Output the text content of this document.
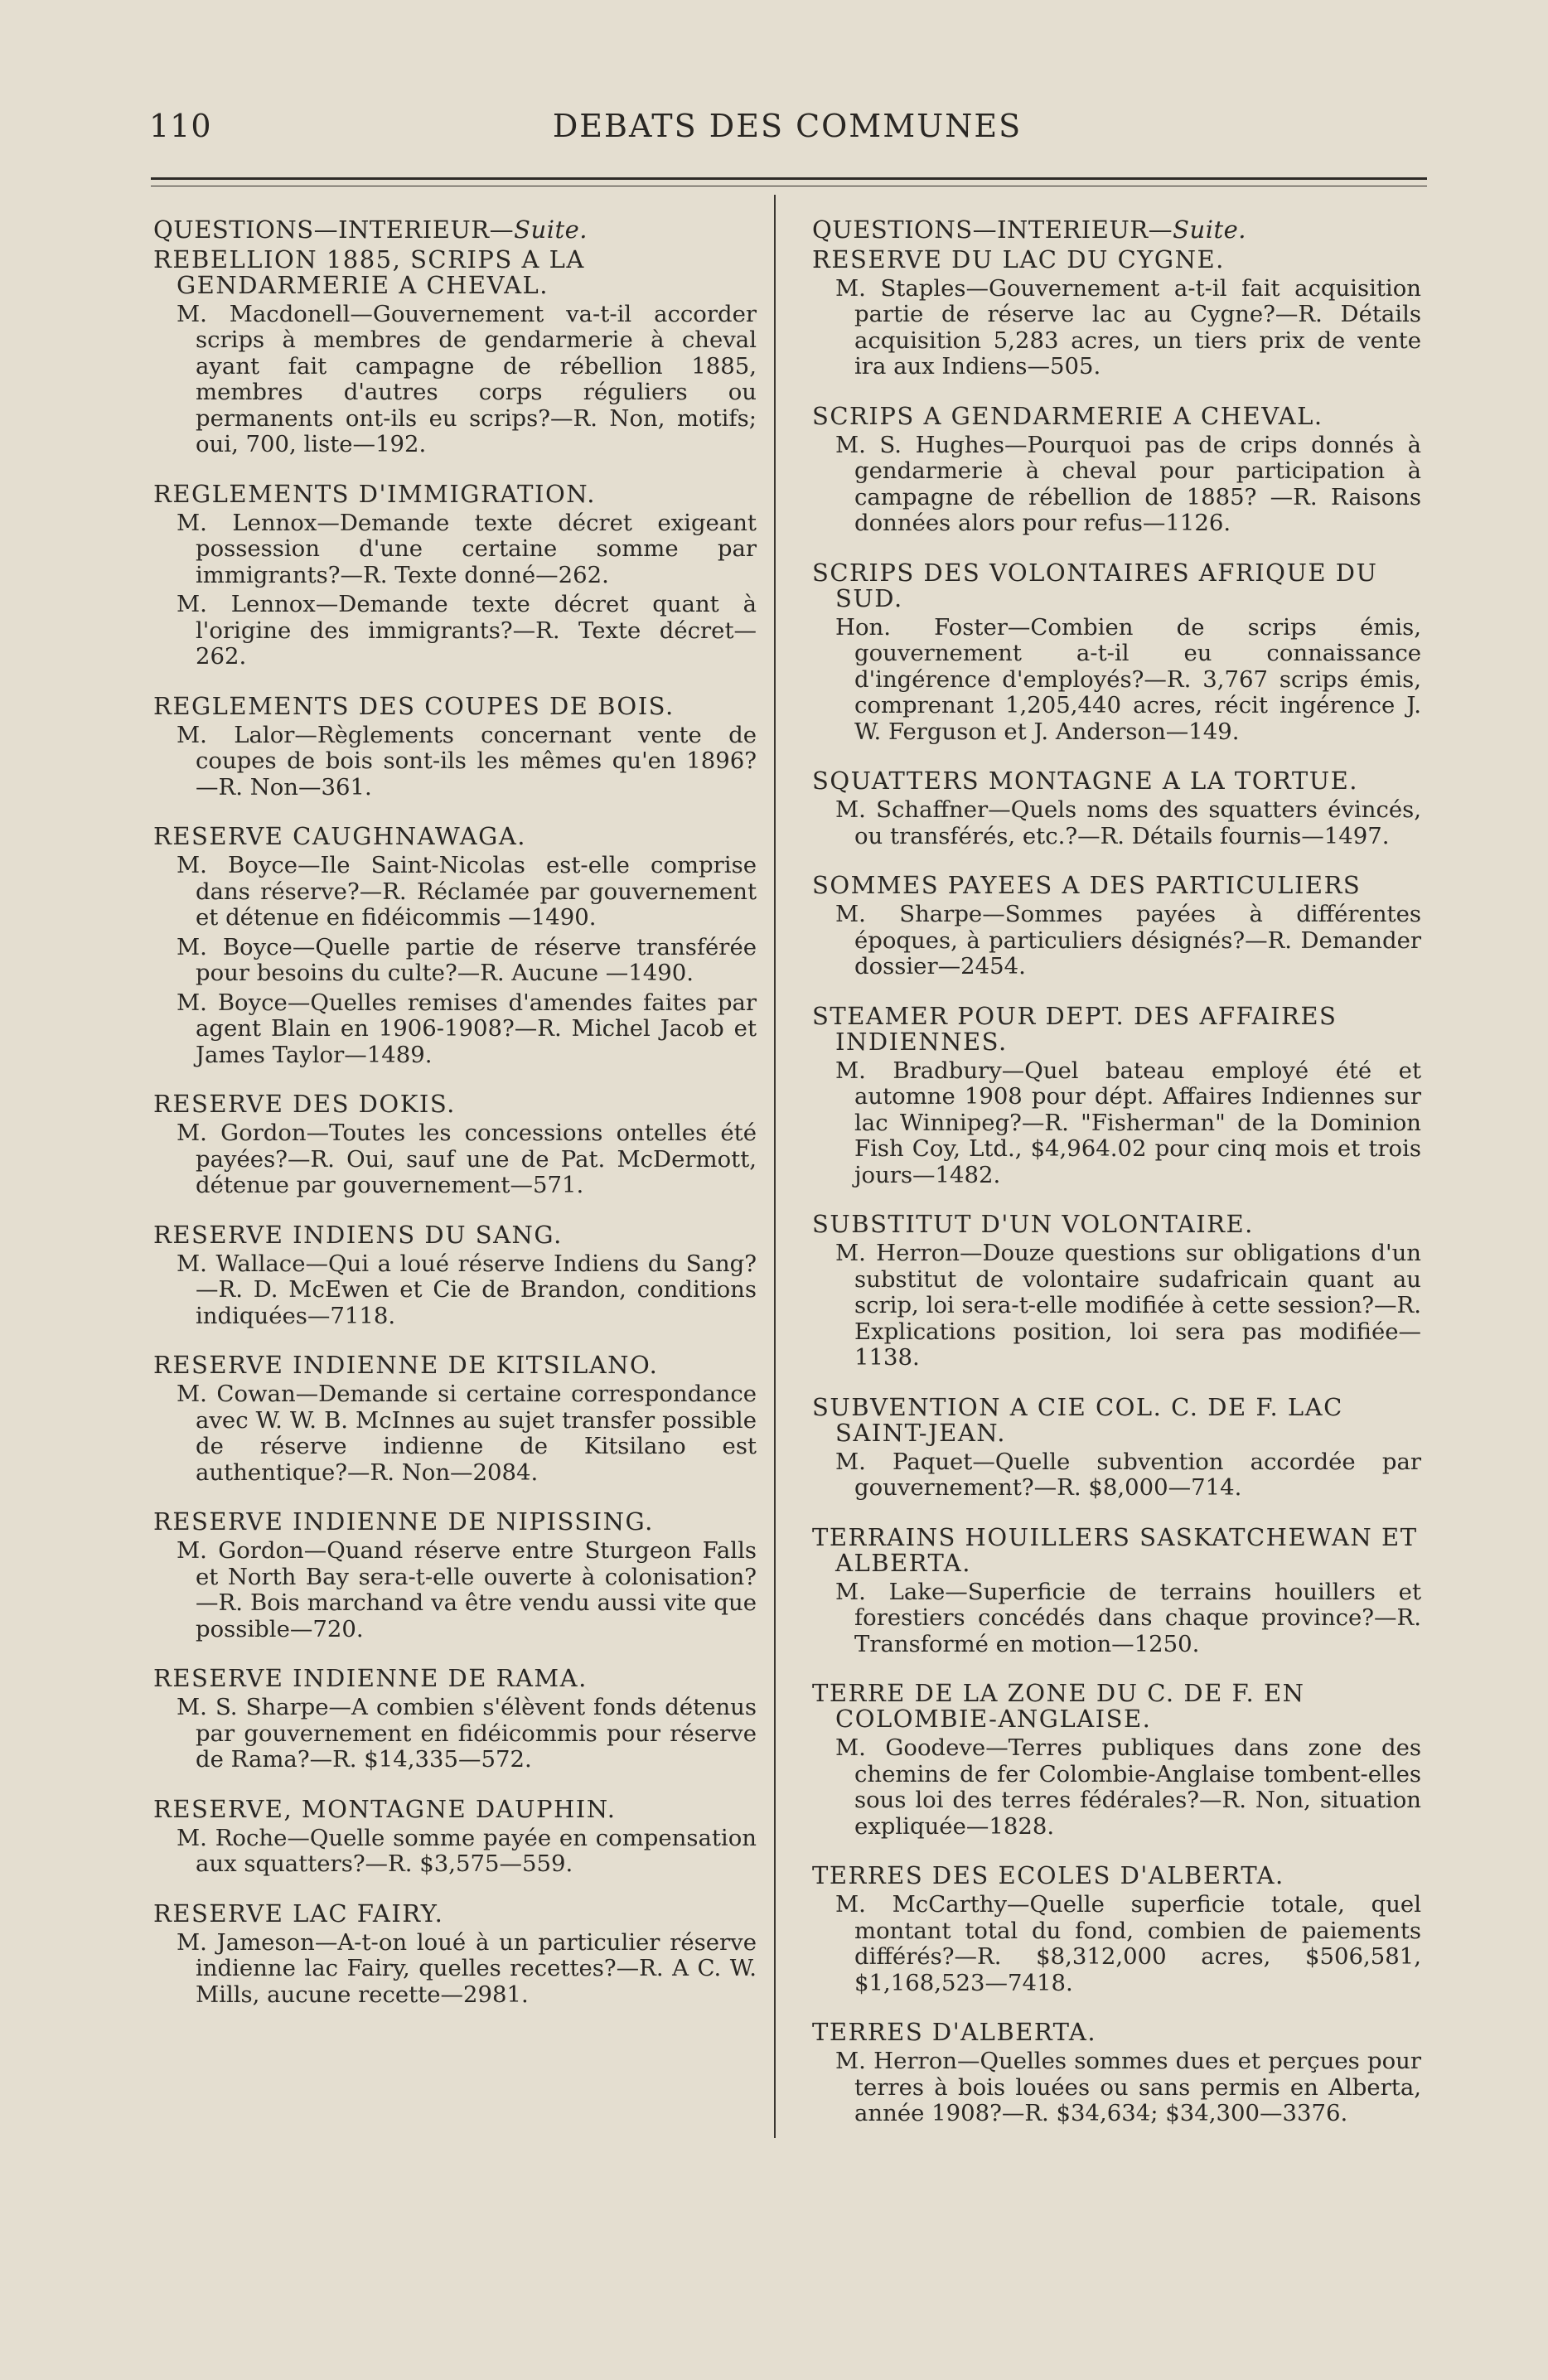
110	DEBATS DES COMMUNES
QUESTIONS—INTERIEUR—Suite.
REBELLION 1885, SCRIPS A LA GENDARMERIE A CHEVAL.

M. Macdonell—Gouvernement va-t-il accorder scrips à membres de gendarmerie à cheval ayant fait campagne de rébellion 1885, membres d'autres corps réguliers ou permanents ont-ils eu scrips?—R. Non, motifs; oui, 700, liste—192.

REGLEMENTS D'IMMIGRATION.

M. Lennox—Demande texte décret exigeant possession d'une certaine somme par immigrants?—R. Texte donné—262.

M. Lennox—Demande texte décret quant à l'origine des immigrants?—R. Texte décret—262.

REGLEMENTS DES COUPES DE BOIS.

M. Lalor—Règlements concernant vente de coupes de bois sont-ils les mêmes qu'en 1896?—R. Non—361.

RESERVE CAUGHNAWAGA.

M. Boyce—Ile Saint-Nicolas est-elle comprise dans réserve?—R. Réclamée par gouvernement et détenue en fidéicommis —1490.

M. Boyce—Quelle partie de réserve transférée pour besoins du culte?—R. Aucune —1490.

M. Boyce—Quelles remises d'amendes faites par agent Blain en 1906-1908?—R. Michel Jacob et James Taylor—1489.

RESERVE DES DOKIS.

M. Gordon—Toutes les concessions ontelles été payées?—R. Oui, sauf une de Pat. McDermott, détenue par gouvernement—571.

RESERVE INDIENS DU SANG.

M. Wallace—Qui a loué réserve Indiens du Sang?—R. D. McEwen et Cie de Brandon, conditions indiquées—7118.

RESERVE INDIENNE DE KITSILANO.

M. Cowan—Demande si certaine correspondance avec W. W. B. McInnes au sujet transfer possible de réserve indienne de Kitsilano est authentique?—R. Non—2084.

RESERVE INDIENNE DE NIPISSING.

M. Gordon—Quand réserve entre Sturgeon Falls et North Bay sera-t-elle ouverte à colonisation?—R. Bois marchand va être vendu aussi vite que possible—720.

RESERVE INDIENNE DE RAMA.

M. S. Sharpe—A combien s'élèvent fonds détenus par gouvernement en fidéicommis pour réserve de Rama?—R. $14,335—572.

RESERVE, MONTAGNE DAUPHIN.

M. Roche—Quelle somme payée en compensation aux squatters?—R. $3,575—559.

RESERVE LAC FAIRY.

M. Jameson—A-t-on loué à un particulier réserve indienne lac Fairy, quelles recettes?—R. A C. W. Mills, aucune recette—2981.

QUESTIONS—INTERIEUR—Suite.
RESERVE DU LAC DU CYGNE.

M. Staples—Gouvernement a-t-il fait acquisition partie de réserve lac au Cygne?—R. Détails acquisition 5,283 acres, un tiers prix de vente ira aux Indiens—505.

SCRIPS A GENDARMERIE A CHEVAL.

M. S. Hughes—Pourquoi pas de crips donnés à gendarmerie à cheval pour participation à campagne de rébellion de 1885? —R. Raisons données alors pour refus—1126.

SCRIPS DES VOLONTAIRES AFRIQUE DU SUD.

Hon. Foster—Combien de scrips émis, gouvernement a-t-il eu connaissance d'ingérence d'employés?—R. 3,767 scrips émis, comprenant 1,205,440 acres, récit ingérence J. W. Ferguson et J. Anderson—149.

SQUATTERS MONTAGNE A LA TORTUE.

M. Schaffner—Quels noms des squatters évincés, ou transférés, etc.?—R. Détails fournis—1497.

SOMMES PAYEES A DES PARTICULIERS

M. Sharpe—Sommes payées à différentes époques, à particuliers désignés?—R. Demander dossier—2454.

STEAMER POUR DEPT. DES AFFAIRES INDIENNES.

M. Bradbury—Quel bateau employé été et automne 1908 pour dépt. Affaires Indiennes sur lac Winnipeg?—R. "Fisherman" de la Dominion Fish Coy, Ltd., $4,964.02 pour cinq mois et trois jours—1482.

SUBSTITUT D'UN VOLONTAIRE.

M. Herron—Douze questions sur obligations d'un substitut de volontaire sudafricain quant au scrip, loi sera-t-elle modifiée à cette session?—R. Explications position, loi sera pas modifiée—1138.

SUBVENTION A CIE COL. C. DE F. LAC SAINT-JEAN.

M. Paquet—Quelle subvention accordée par gouvernement?—R. $8,000—714.

TERRAINS HOUILLERS SASKATCHEWAN ET ALBERTA.

M. Lake—Superficie de terrains houillers et forestiers concédés dans chaque province?—R. Transformé en motion—1250.

TERRE DE LA ZONE DU C. DE F. EN COLOMBIE-ANGLAISE.

M. Goodeve—Terres publiques dans zone des chemins de fer Colombie-Anglaise tombent-elles sous loi des terres fédérales?—R. Non, situation expliquée—1828.

TERRES DES ECOLES D'ALBERTA.

M. McCarthy—Quelle superficie totale, quel montant total du fond, combien de paiements différés?—R. $8,312,000 acres, $506,581, $1,168,523—7418.

TERRES D'ALBERTA.

M. Herron—Quelles sommes dues et perçues pour terres à bois louées ou sans permis en Alberta, année 1908?—R. $34,634; $34,300—3376.
